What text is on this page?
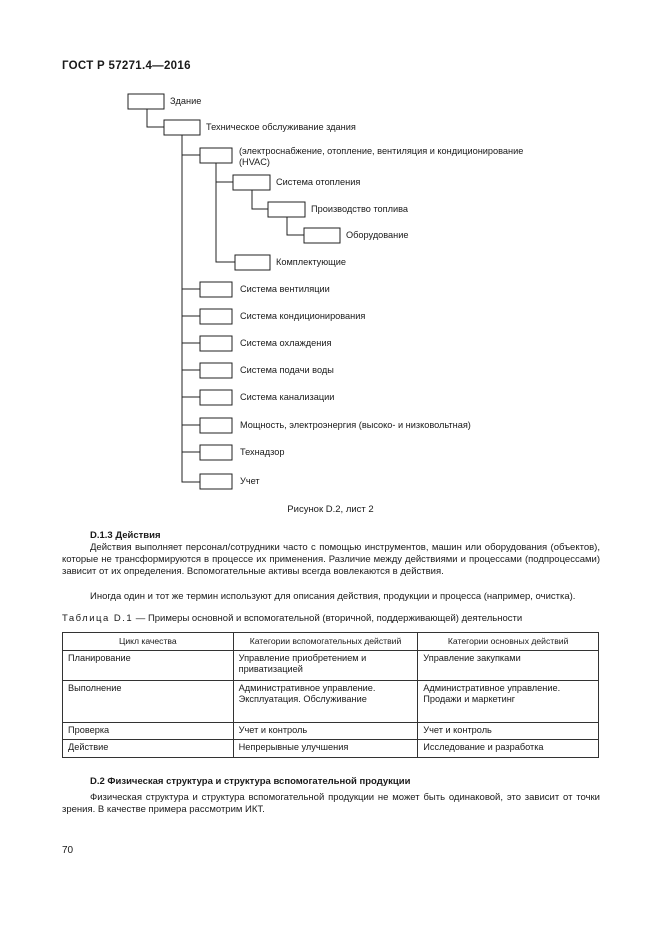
ГОСТ Р 57271.4—2016
Здание
Техническое обслуживание здания
(электроснабжение, отопление, вентиляция и кондиционирование
(HVAC)
Система отопления
Производство топлива
Оборудование
Комплектующие
Система вентиляции
Система кондиционирования
Система охлаждения
Система подачи воды
Система канализации
Мощность, электроэнергия (высоко- и низковольтная)
Технадзор
Учет
Рисунок D.2, лист 2
D.1.3 Действия
Действия выполняет персонал/сотрудники часто с помощью инструментов, машин или оборудования (объектов), которые не трансформируются в процессе их применения. Различие между действиями и процессами (подпроцессами) зависит от их определения. Вспомогательные активы всегда вовлекаются в действия.
Иногда один и тот же термин используют для описания действия, продукции и процесса (например, очистка).
Таблица D.1 — Примеры основной и вспомогательной (вторичной, поддерживающей) деятельности
Цикл качества	Категории вспомогательных действий	Категории основных действий
Планирование	Управление приобретением и приватизацией	Управление закупками
Выполнение	Административное управление. Эксплуатация. Обслуживание	Административное управление. Продажи и маркетинг
Проверка	Учет и контроль	Учет и контроль
Действие	Непрерывные улучшения	Исследование и разработка
D.2 Физическая структура и структура вспомогательной продукции
Физическая структура и структура вспомогательной продукции не может быть одинаковой, это зависит от точки зрения. В качестве примера рассмотрим ИКТ.
70
